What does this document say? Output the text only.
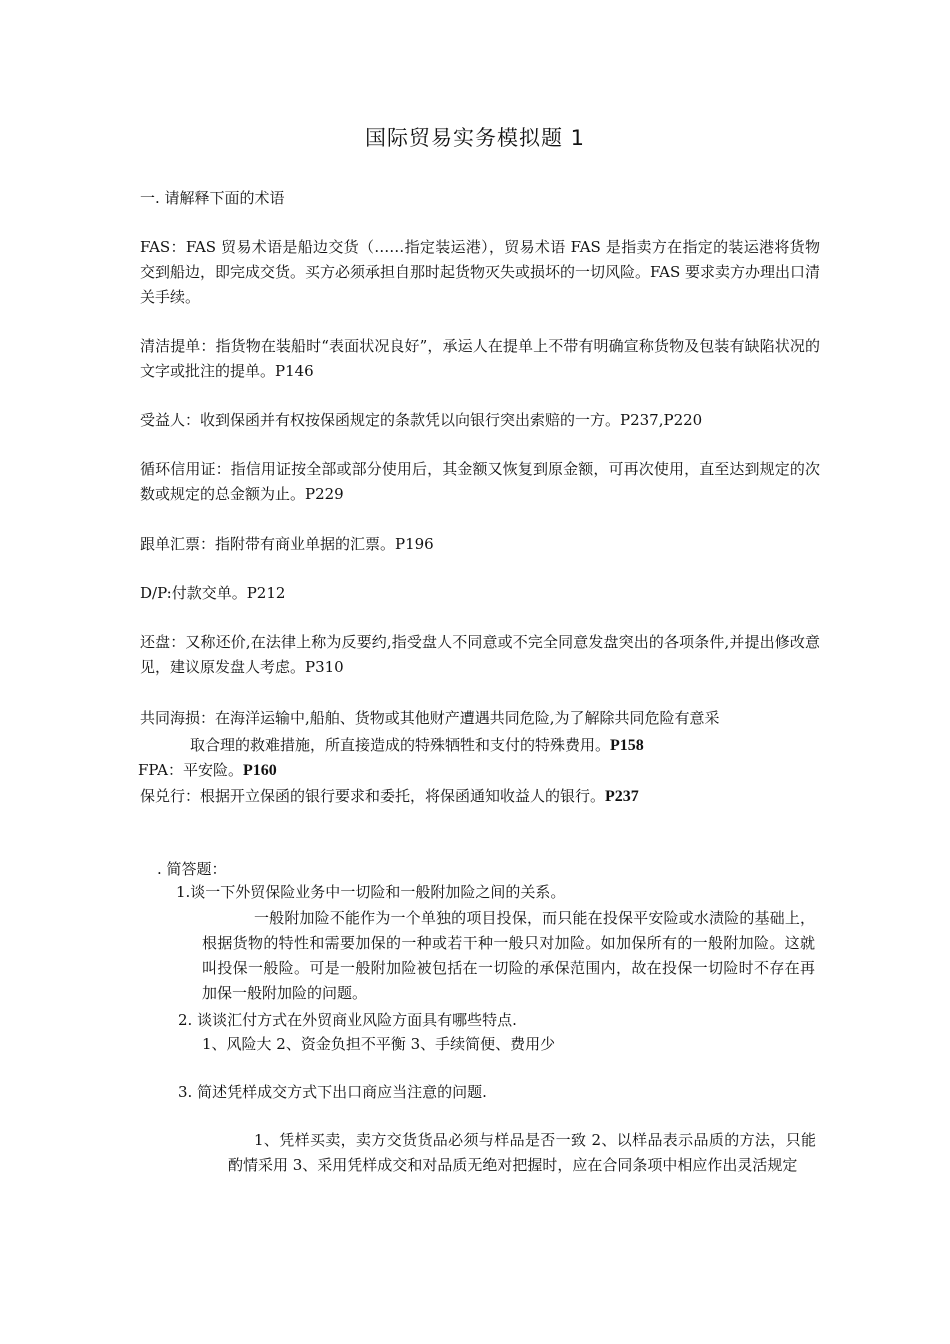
国际贸易实务模拟题 1

一. 请解释下面的术语

FAS：FAS 贸易术语是船边交货（……指定装运港），贸易术语 FAS 是指卖方在指定的装运港将货物交到船边，即完成交货。买方必须承担自那时起货物灭失或损坏的一切风险。FAS 要求卖方办理出口清关手续。

清洁提单：指货物在装船时“表面状况良好”，承运人在提单上不带有明确宣称货物及包装有缺陷状况的文字或批注的提单。P146

受益人：收到保函并有权按保函规定的条款凭以向银行突出索赔的一方。P237,P220

循环信用证：指信用证按全部或部分使用后，其金额又恢复到原金额，可再次使用，直至达到规定的次数或规定的总金额为止。P229

跟单汇票：指附带有商业单据的汇票。P196

D/P:付款交单。P212

还盘：又称还价,在法律上称为反要约,指受盘人不同意或不完全同意发盘突出的各项条件,并提出修改意见，建议原发盘人考虑。P310

共同海损：在海洋运输中,船舶、货物或其他财产遭遇共同危险,为了解除共同危险有意采

取合理的救难措施，所直接造成的特殊牺牲和支付的特殊费用。P158

FPA：平安险。P160

保兑行：根据开立保函的银行要求和委托，将保函通知收益人的银行。P237

. 简答题：

1.谈一下外贸保险业务中一切险和一般附加险之间的关系。

一般附加险不能作为一个单独的项目投保，而只能在投保平安险或水渍险的基础上，根据货物的特性和需要加保的一种或若干种一般只对加险。如加保所有的一般附加险。这就叫投保一般险。可是一般附加险被包括在一切险的承保范围内，故在投保一切险时不存在再加保一般附加险的问题。

2. 谈谈汇付方式在外贸商业风险方面具有哪些特点.

1、风险大 2、资金负担不平衡 3、手续简便、费用少

3. 简述凭样成交方式下出口商应当注意的问题.

1、凭样买卖，卖方交货货品必须与样品是否一致 2、以样品表示品质的方法，只能酌情采用 3、采用凭样成交和对品质无绝对把握时，应在合同条项中相应作出灵活规定
